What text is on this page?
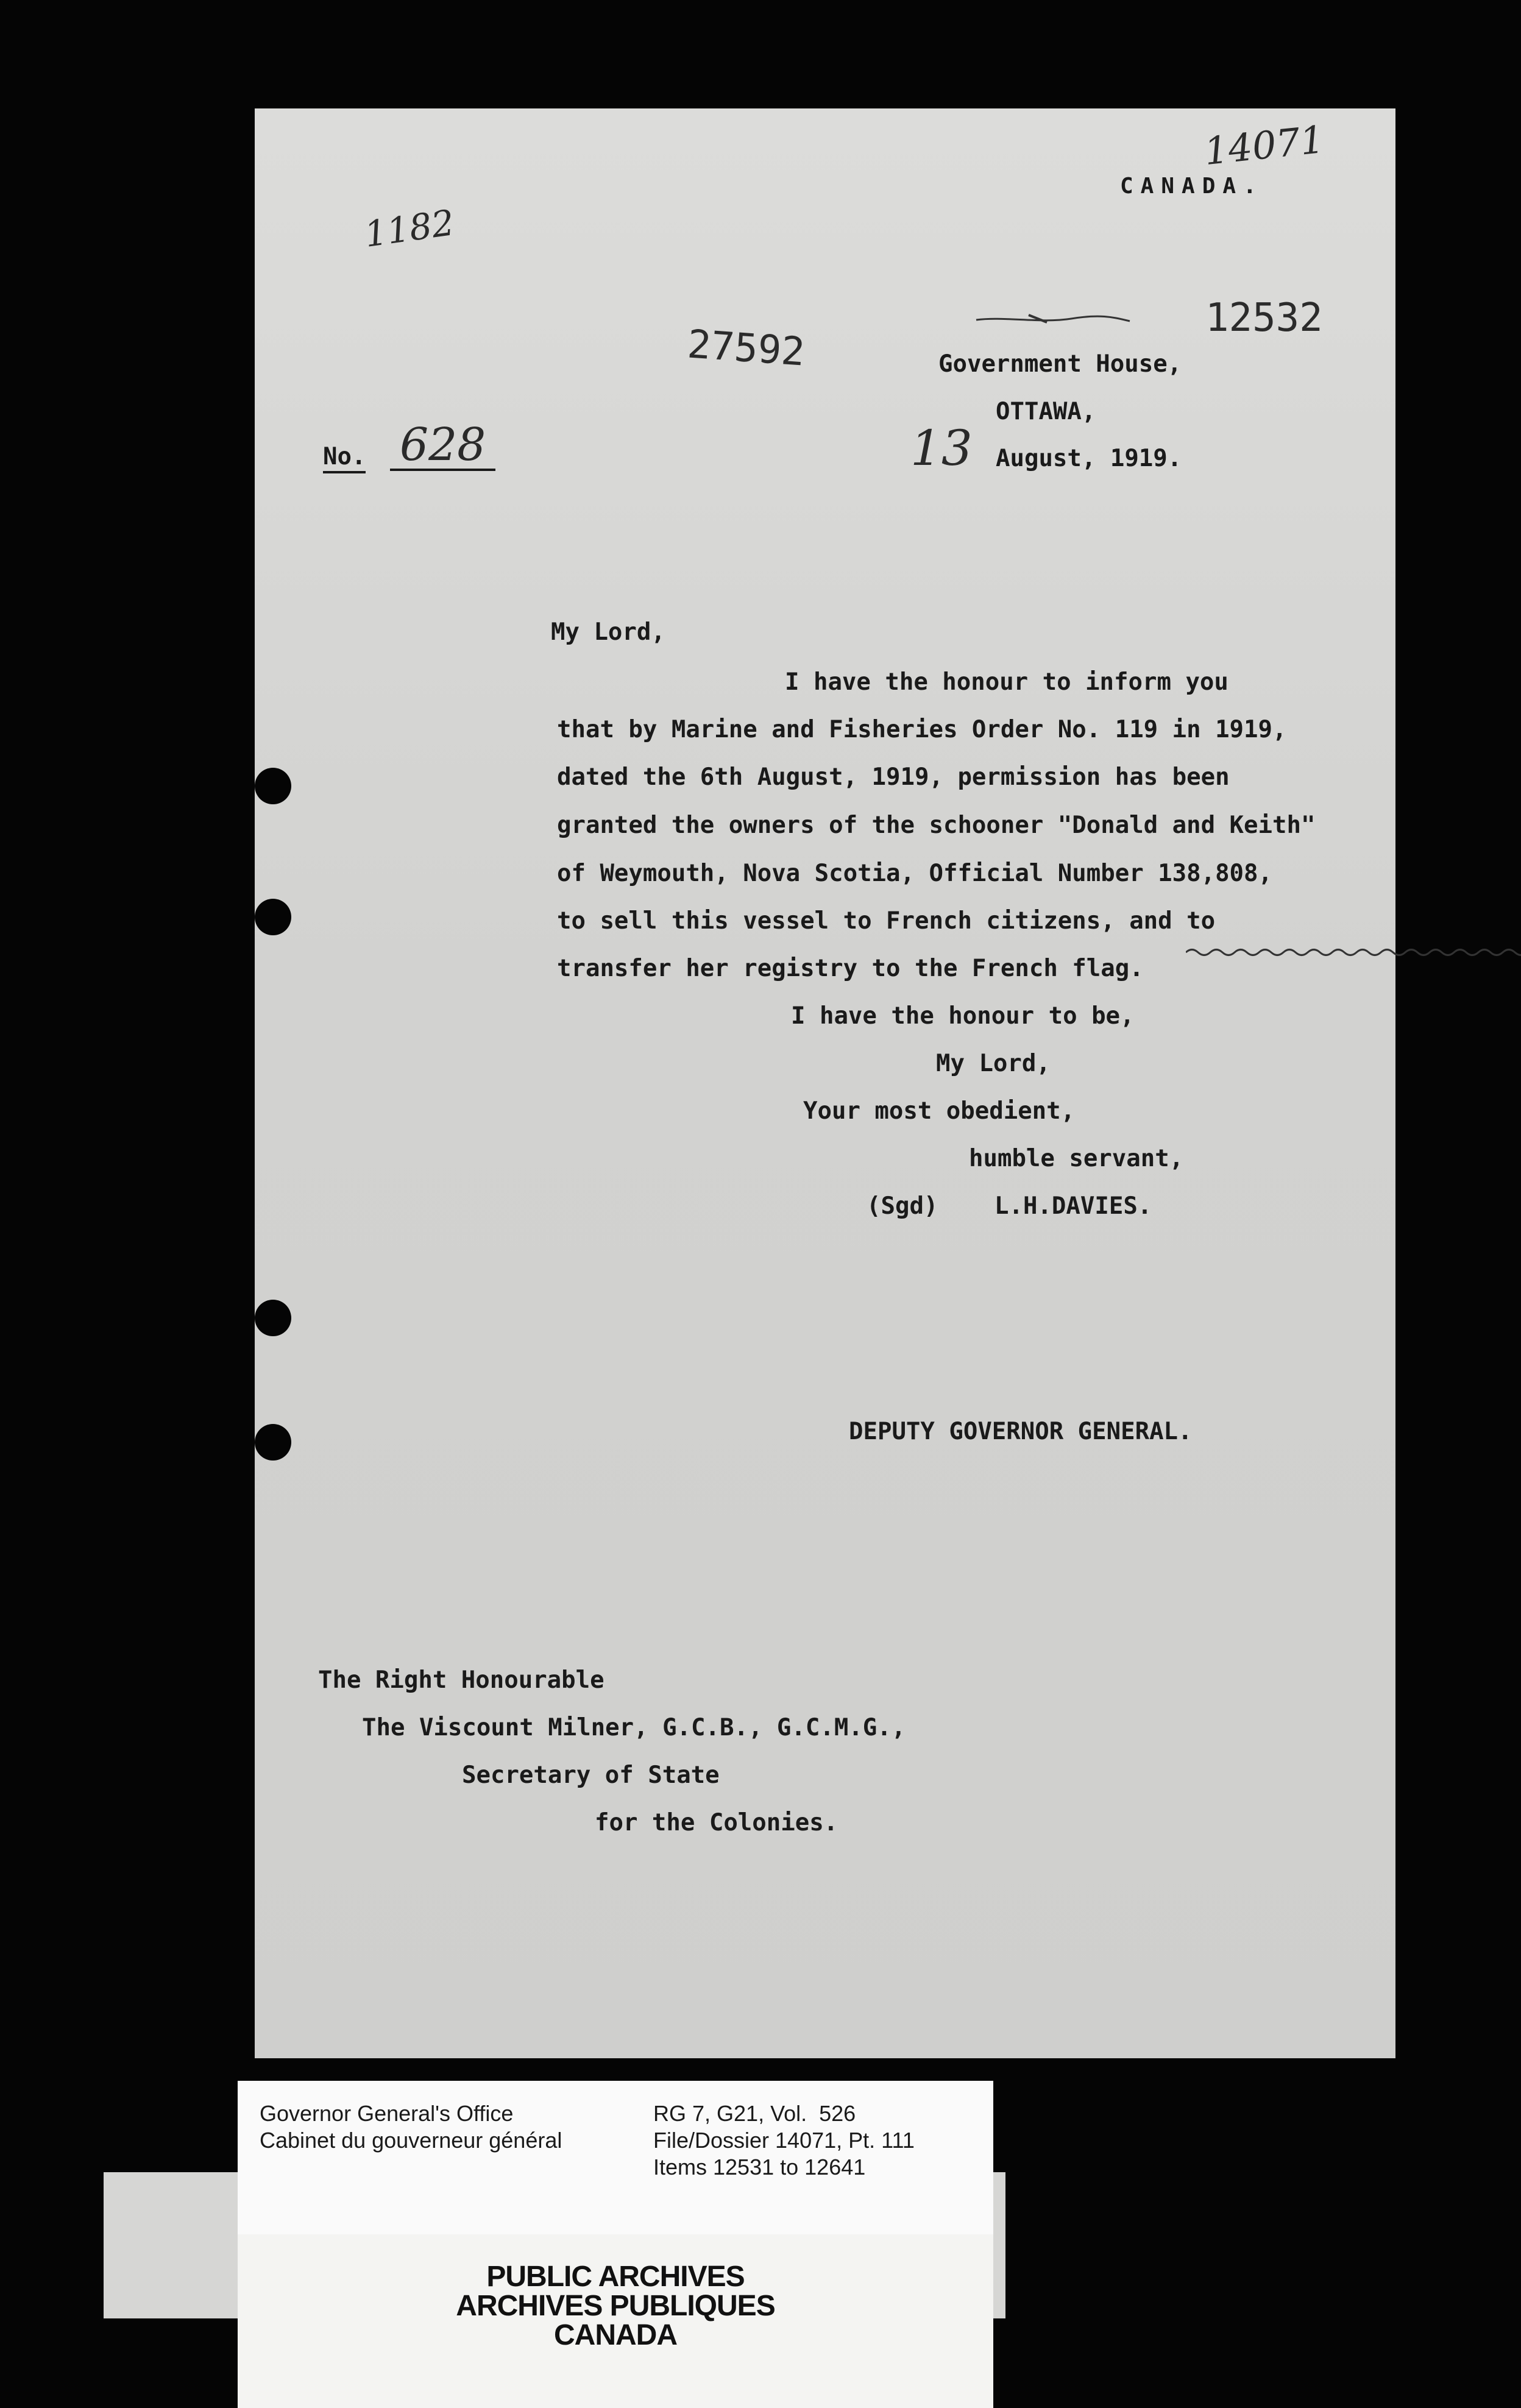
14071
1182
CANADA.
27592
12532
Government House,
OTTAWA,
No. 628	13 August, 1919.
My Lord,
I have the honour to inform you
that by Marine and Fisheries Order No. 119 in 1919,
dated the 6th August, 1919, permission has been
granted the owners of the schooner "Donald and Keith"
of Weymouth, Nova Scotia, Official Number 138,808,
to sell this vessel to French citizens, and to
transfer her registry to the French flag.
I have the honour to be,
My Lord,
Your most obedient,
humble servant,
(Sgd) L.H.DAVIES.
DEPUTY GOVERNOR GENERAL.
The Right Honourable
The Viscount Milner, G.C.B., G.C.M.G.,
Secretary of State
for the Colonies.
Governor General's Office
Cabinet du gouverneur général
RG 7, G21, Vol.  526
File/Dossier 14071, Pt. 111
Items 12531 to 12641
PUBLIC ARCHIVES
ARCHIVES PUBLIQUES
CANADA
